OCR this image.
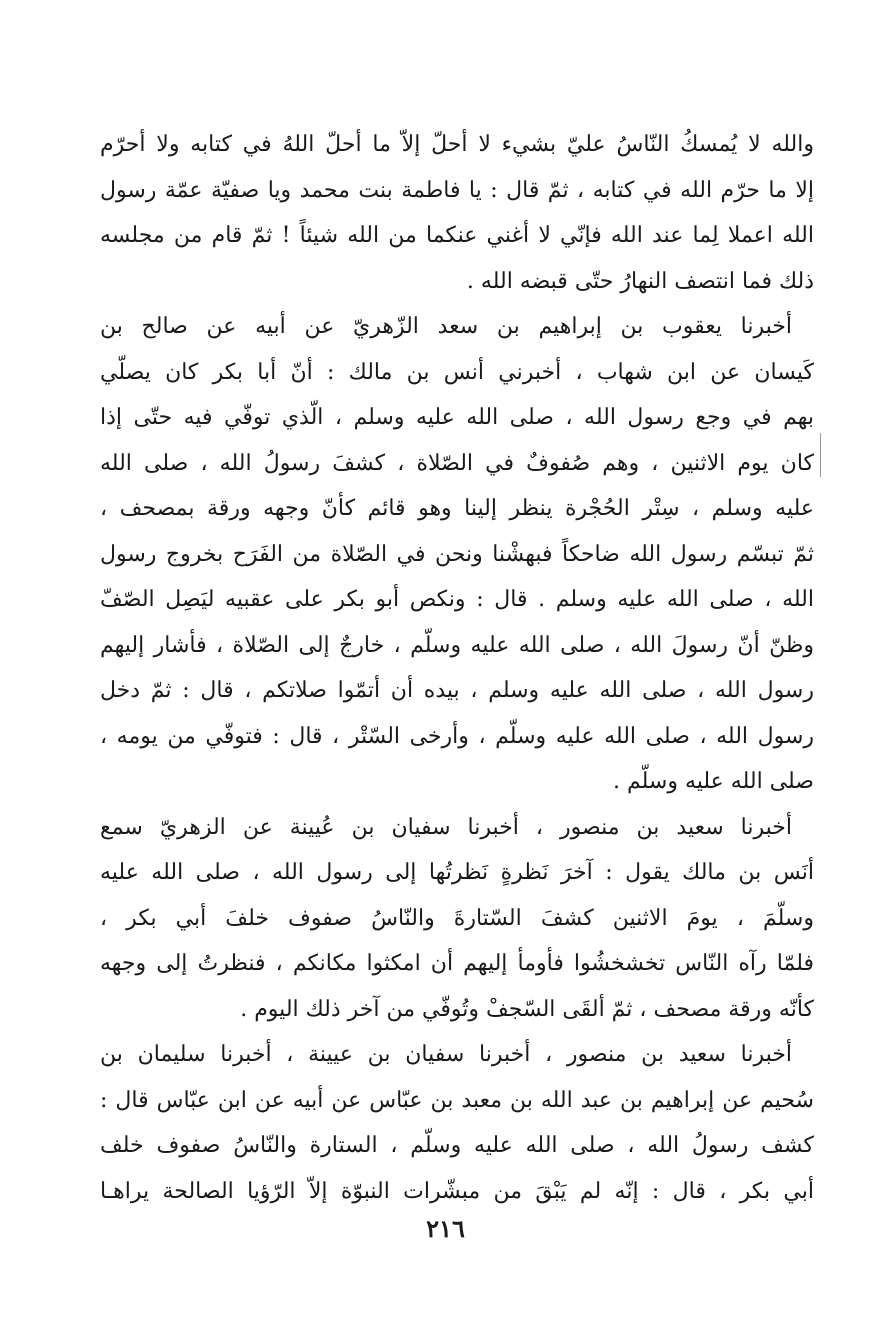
والله لا يُمسكُ النّاسُ عليّ بشيء لا أحلّ إلاّ ما أحلّ اللهُ في كتابه ولا أحرّم
إلا ما حرّم الله في كتابه ، ثمّ قال : يا فاطمة بنت محمد ويا صفيّة عمّة رسول
الله اعملا لِما عند الله فإنّي لا أغني عنكما من الله شيئاً ! ثمّ قام من مجلسه
ذلك فما انتصف النهارُ حتّى قبضه الله .
أخبرنا يعقوب بن إبراهيم بن سعد الزّهريّ عن أبيه عن صالح بن
كَيسان عن ابن شهاب ، أخبرني أنس بن مالك : أنّ أبا بكر كان يصلّي
بهم في وجع رسول الله ، صلى الله عليه وسلم ، الّذي توفّي فيه حتّى إذا
كان يوم الاثنين ، وهم صُفوفٌ في الصّلاة ، كشفَ رسولُ الله ، صلى الله
عليه وسلم ، سِتْر الحُجْرة ينظر إلينا وهو قائم كأنّ وجهه ورقة بمصحف ،
ثمّ تبسّم رسول الله ضاحكاً فبهشْنا ونحن في الصّلاة من الفَرَح بخروج رسول
الله ، صلى الله عليه وسلم . قال : ونكص أبو بكر على عقبيه ليَصِل الصّفّ
وظنّ أنّ رسولَ الله ، صلى الله عليه وسلّم ، خارجٌ إلى الصّلاة ، فأشار إليهم
رسول الله ، صلى الله عليه وسلم ، بيده أن أتمّوا صلاتكم ، قال : ثمّ دخل
رسول الله ، صلى الله عليه وسلّم ، وأرخى السّتْر ، قال : فتوفّي من يومه ،
صلى الله عليه وسلّم .
أخبرنا سعيد بن منصور ، أخبرنا سفيان بن عُيينة عن الزهريّ سمع
أنَس بن مالك يقول : آخرَ نَظرةٍ نَظرتُها إلى رسول الله ، صلى الله عليه
وسلّمَ ، يومَ الاثنين كشفَ السّتارةَ والنّاسُ صفوف خلفَ أبي بكر ،
فلمّا رآه النّاس تخشخشُوا فأومأ إليهم أن امكثوا مكانكم ، فنظرتُ إلى وجهه
كأنّه ورقة مصحف ، ثمّ ألقَى السّجفْ وتُوفّي من آخر ذلك اليوم .
أخبرنا سعيد بن منصور ، أخبرنا سفيان بن عيينة ، أخبرنا سليمان بن
سُحيم عن إبراهيم بن عبد الله بن معبد بن عبّاس عن أبيه عن ابن عبّاس قال :
كشف رسولُ الله ، صلى الله عليه وسلّم ، الستارة والنّاسُ صفوف خلف
أبي بكر ، قال : إنّه لم يَبْقَ من مبشّرات النبوّة إلاّ الرّؤيا الصالحة يراهـا
٢١٦
